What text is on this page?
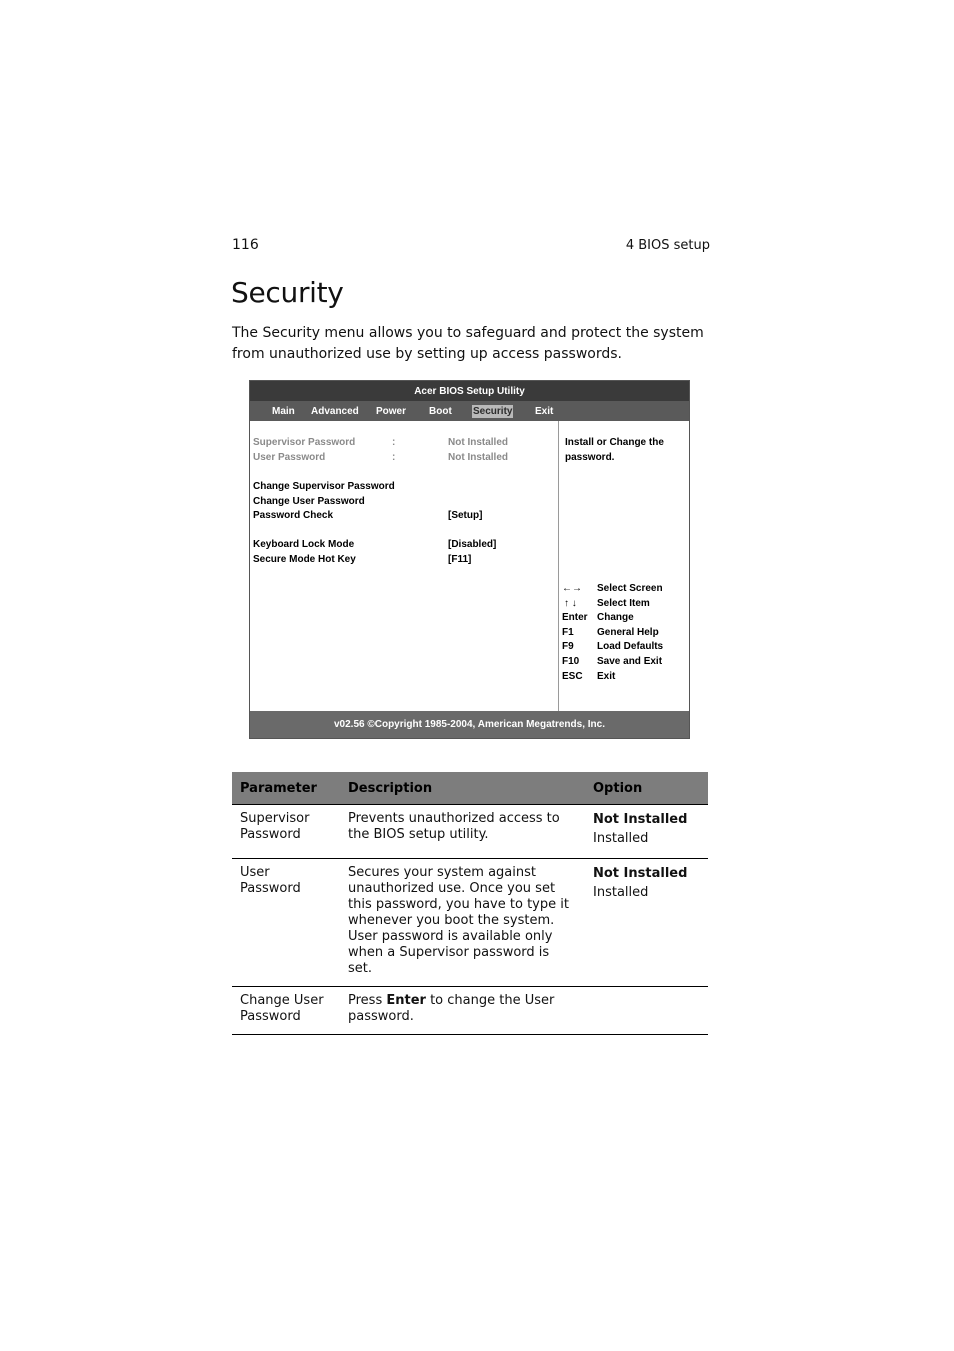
116	4 BIOS setup
Security

The Security menu allows you to safeguard and protect the system from unauthorized use by setting up access passwords.

Acer BIOS Setup Utility
Main Advanced Power Boot Security Exit
Supervisor Password	:	Not Installed
User Password	:	Not Installed
Change Supervisor Password
Change User Password
Password Check	[Setup]
Keyboard Lock Mode	[Disabled]
Secure Mode Hot Key	[F11]
Install or Change the
password.
←→ Select Screen
↑ ↓ Select Item
Enter Change
F1 General Help
F9 Load Defaults
F10 Save and Exit
ESC Exit
v02.56 ©Copyright 1985-2004, American Megatrends, Inc.
Parameter	Description	Option
Supervisor Password	Prevents unauthorized access to the BIOS setup utility.	Not Installed
Installed

User Password	Secures your system against unauthorized use. Once you set this password, you have to type it whenever you boot the system. User password is available only when a Supervisor password is set.	Not Installed
Installed

Change User Password	Press Enter to change the User password.	
